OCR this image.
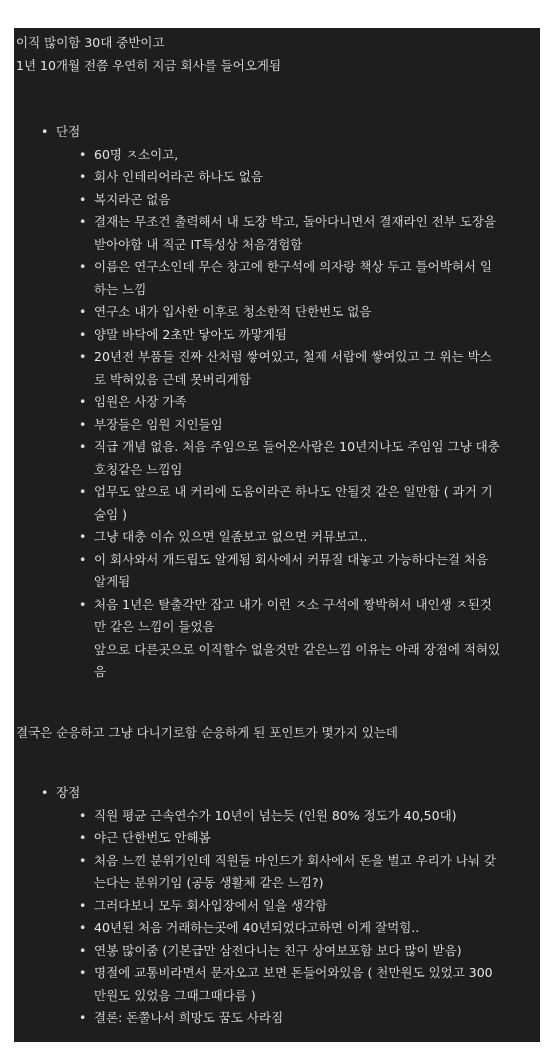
이직 많이함 30대 중반이고
1년 10개월 전쯤 우연히 지금 회사를 들어오게됨
• 단점
• 60명 ㅈ소이고,
• 회사 인테리어라곤 하나도 없음
• 복지라곤 없음
• 결재는 무조건 출력해서 내 도장 박고, 돌아다니면서 결재라인 전부 도장을
받아야함 내 직군 IT특성상 처음경험함
• 이름은 연구소인데 무슨 창고에 한구석에 의자랑 책상 두고 틀어박혀서 일
하는 느낌
• 연구소 내가 입사한 이후로 청소한적 단한번도 없음
• 양말 바닥에 2초만 닿아도 까맣게됨
• 20년전 부품들 진짜 산처럼 쌓여있고, 철제 서랍에 쌓여있고 그 위는 박스
로 박혀있음 근데 못버리게함
• 임원은 사장 가족
• 부장들은 임원 지인들임
• 직급 개념 없음. 처음 주임으로 들어온사람은 10년지나도 주임임 그냥 대충
호칭같은 느낌임
• 업무도 앞으로 내 커리에 도움이라곤 하나도 안될것 같은 일만함 ( 과거 기
술임 )
• 그냥 대충 이슈 있으면 일좀보고 없으면 커뮤보고..
• 이 회사와서 개드립도 알게됨 회사에서 커뮤질 대놓고 가능하다는걸 처음
알게됨
• 처음 1년은 탈출각만 잡고 내가 이런 ㅈ소 구석에 짱박혀서 내인생 ㅈ된것
만 같은 느낌이 들었음
앞으로 다른곳으로 이직할수 없을것만 같은느낌 이유는 아래 장점에 적혀있
음
결국은 순응하고 그냥 다니기로함 순응하게 된 포인트가 몇가지 있는데
• 장점
• 직원 평균 근속연수가 10년이 넘는듯 (인원 80% 정도가 40,50대)
• 야근 단한번도 안해봄
• 처음 느낀 분위기인데 직원들 마인드가 회사에서 돈을 벌고 우리가 나눠 갖
는다는 분위기임 (공동 생활체 같은 느낌?)
• 그러다보니 모두 회사입장에서 일을 생각함
• 40년된 처음 거래하는곳에 40년되었다고하면 이게 잘먹힘..
• 연봉 많이줌 (기본급만 삼전다니는 친구 상여보포함 보다 많이 받음)
• 명절에 교통비라면서 문자오고 보면 돈들어와있음 ( 천만원도 있었고 300
만원도 있었음 그때그때다름 )
• 결론: 돈쭐나서 희망도 꿈도 사라짐
